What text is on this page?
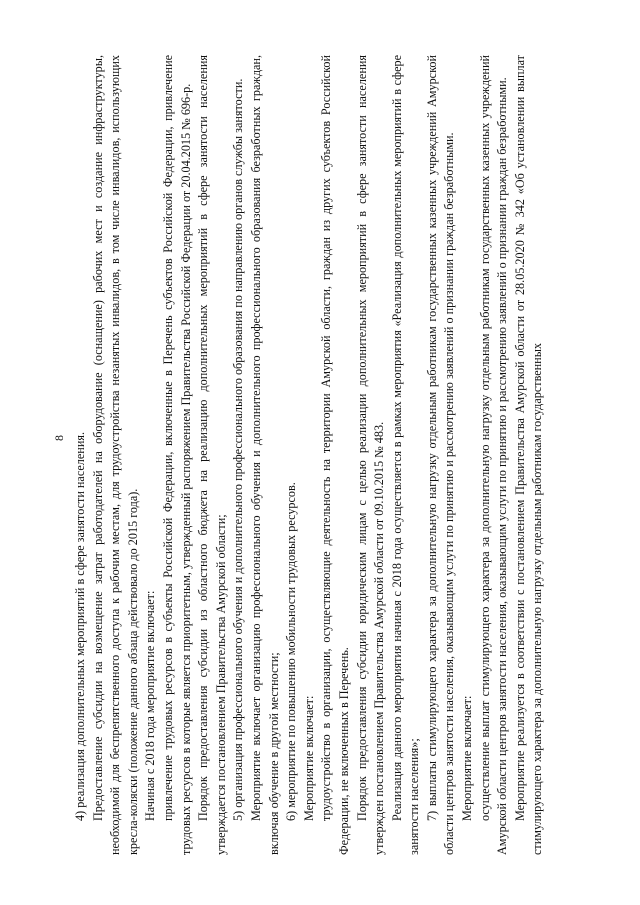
8 4) реализация дополнительных мероприятий в сфере занятости населения. Предоставление субсидии на возмещение затрат работодателей на оборудование (оснащение) рабочих мест и создание инфраструктуры, необходимой для беспрепятственного доступа к рабочим местам, для трудоустройства незанятых инвалидов, в том числе инвалидов, использующих кресла-коляски (положение данного абзаца действовало до 2015 года). Начиная с 2018 года мероприятие включает: привлечение трудовых ресурсов в субъекты Российской Федерации, включенные в Перечень субъектов Российской Федерации, привлечение трудовых ресурсов в которые является приоритетным, утвержденный распоряжением Правительства Российской Федерации от 20.04.2015 № 696-р. Порядок предоставления субсидии из областного бюджета на реализацию дополнительных мероприятий в сфере занятости населения утверждается постановлением Правительства Амурской области; 5) организация профессионального обучения и дополнительного профессионального образования по направлению органов службы занятости. Мероприятие включает организацию профессионального обучения и дополнительного профессионального образования безработных граждан, включая обучение в другой местности; 6) мероприятие по повышению мобильности трудовых ресурсов. Мероприятие включает: трудоустройство в организации, осуществляющие деятельность на территории Амурской области, граждан из других субъектов Российской Федерации, не включенных в Перечень. Порядок предоставления субсидии юридическим лицам с целью реализации дополнительных мероприятий в сфере занятости населения утвержден постановлением Правительства Амурской области от 09.10.2015 № 483. Реализация данного мероприятия начиная с 2018 года осуществляется в рамках мероприятия «Реализация дополнительных мероприятий в сфере занятости населения»; 7) выплаты стимулирующего характера за дополнительную нагрузку отдельным работникам государственных казенных учреждений Амурской области центров занятости населения, оказывающим услуги по принятию и рассмотрению заявлений о признании граждан безработными. Мероприятие включает: осуществление выплат стимулирующего характера за дополнительную нагрузку отдельным работникам государственных казенных учреждений Амурской области центров занятости населения, оказывающим услуги по принятию и рассмотрению заявлений о признании граждан безработными. Мероприятие реализуется в соответствии с постановлением Правительства Амурской области от 28.05.2020 № 342 «Об установлении выплат стимулирующего характера за дополнительную нагрузку отдельным работникам государственных
